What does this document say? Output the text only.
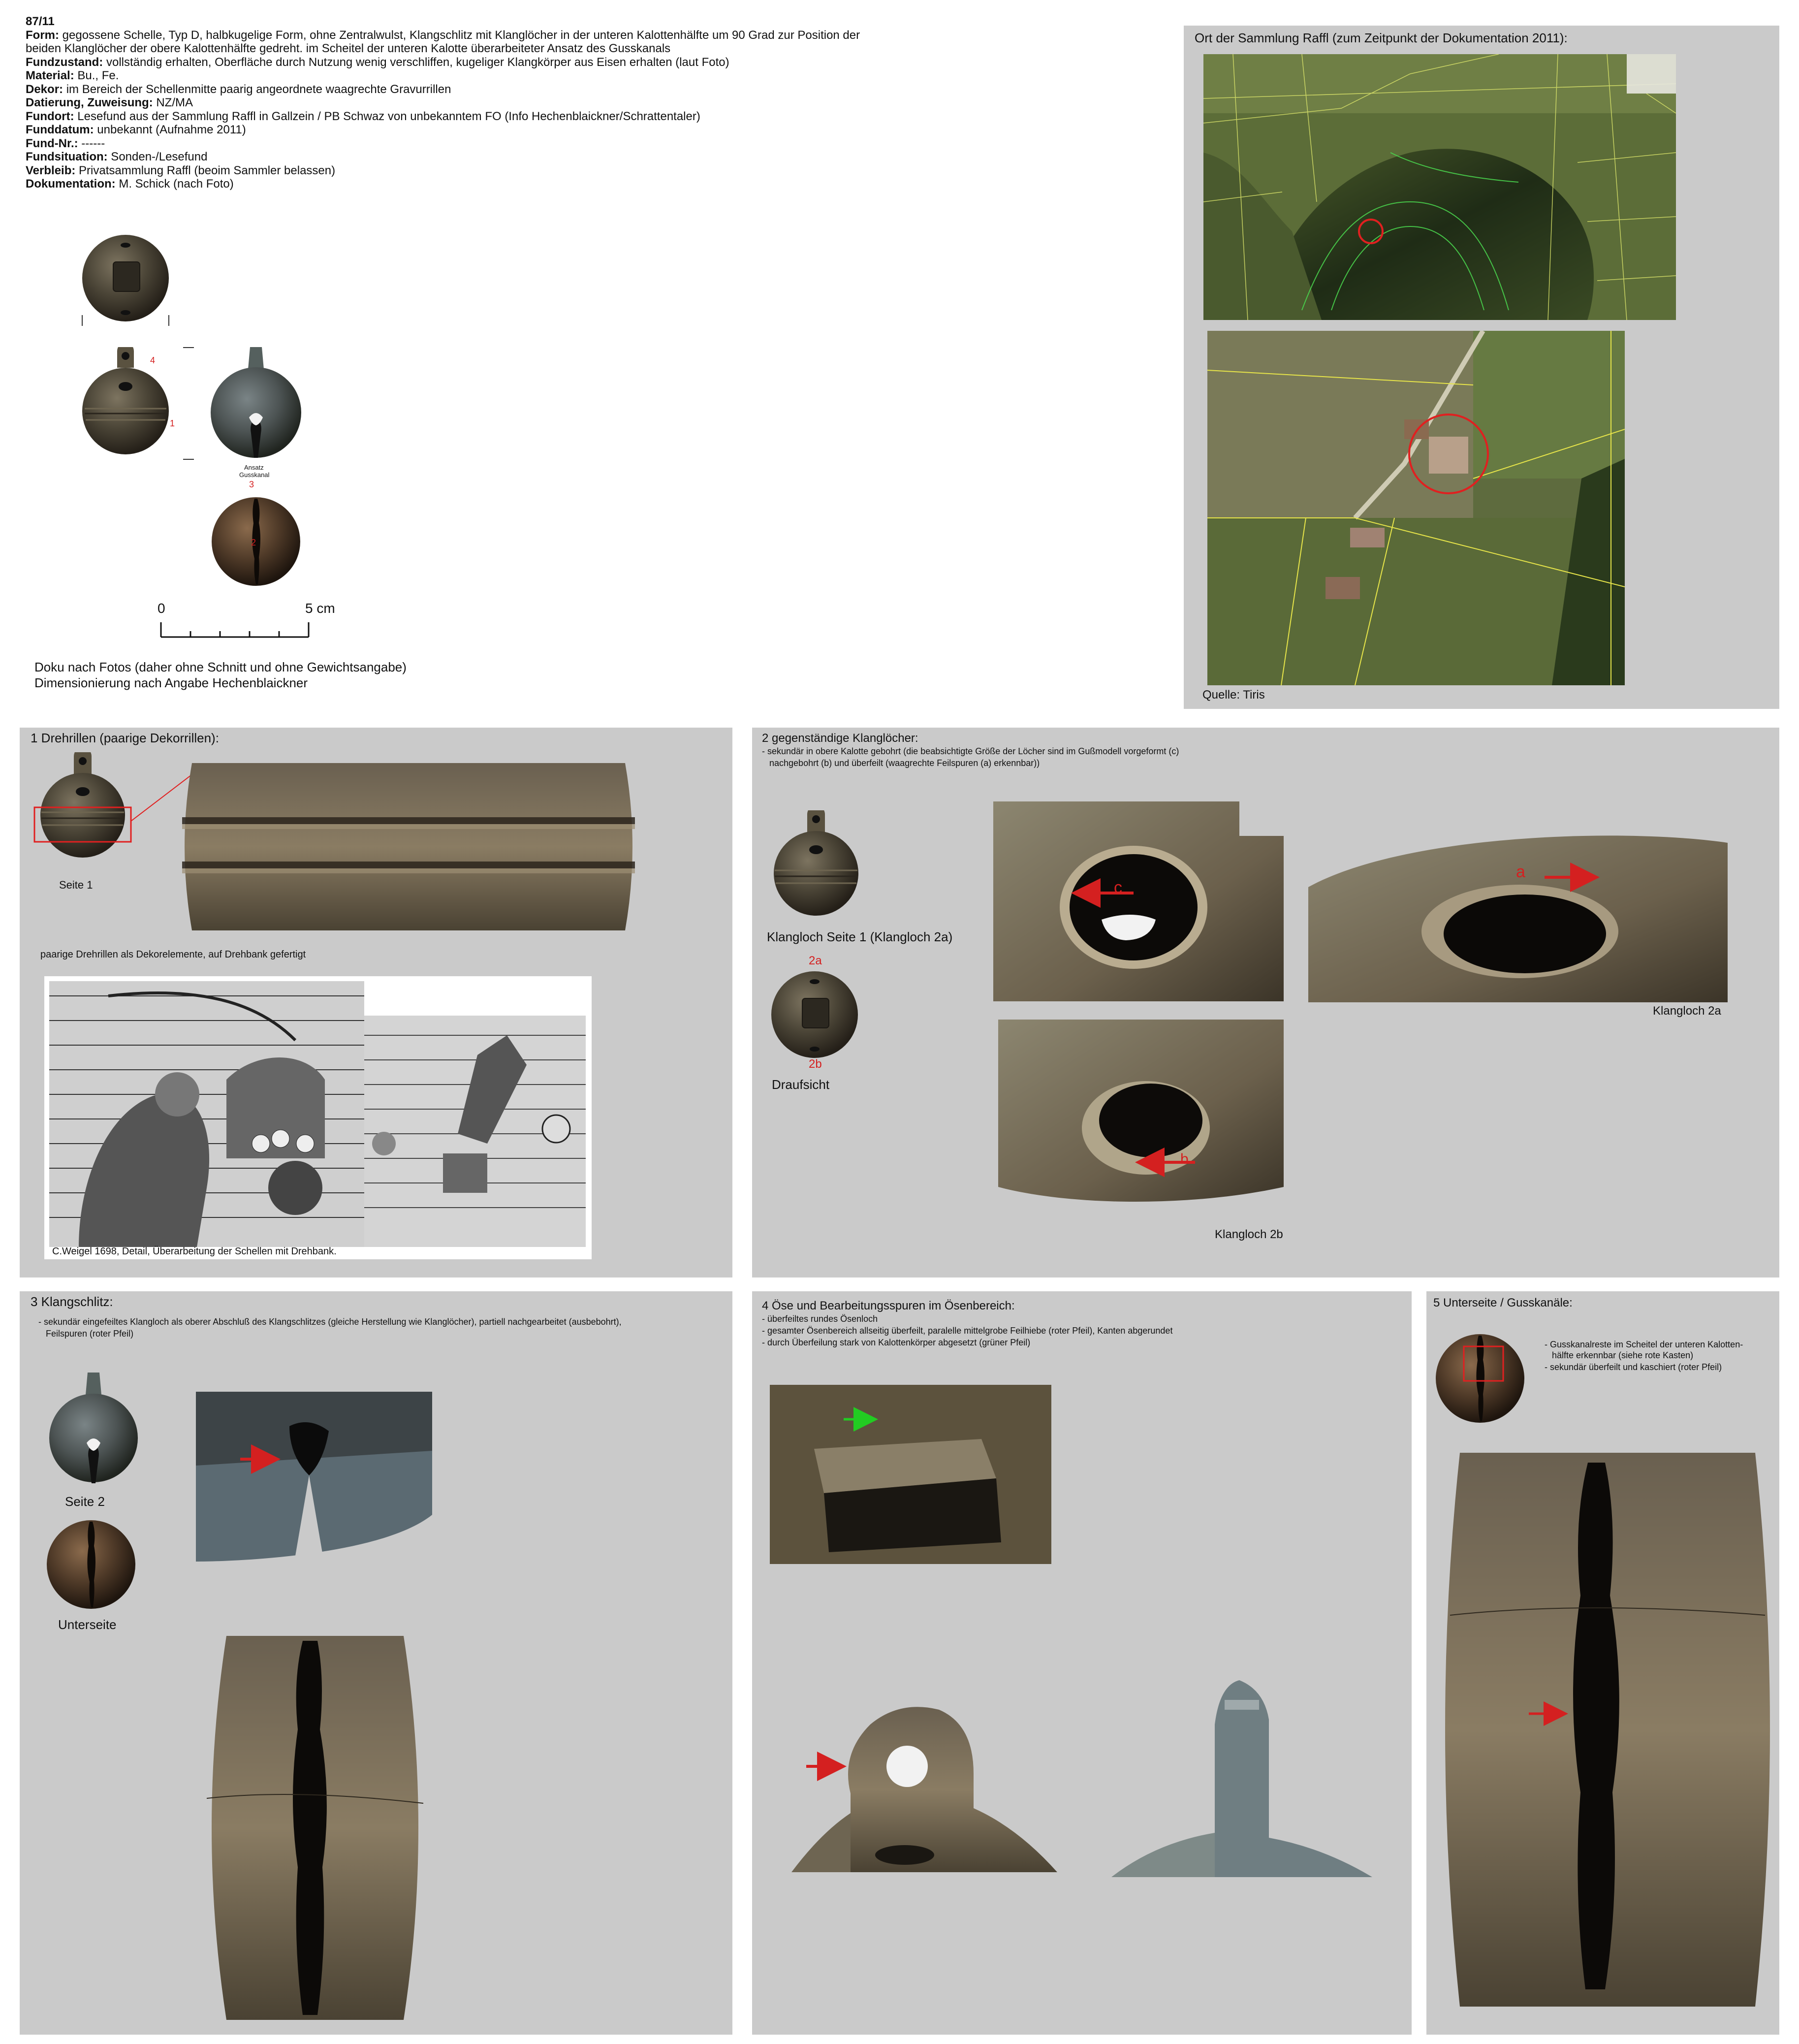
87/11
Form: gegossene Schelle, Typ D, halbkugelige Form, ohne Zentralwulst, Klangschlitz mit Klanglöcher in der unteren Kalottenhälfte um 90 Grad zur Position der
beiden Klanglöcher der obere Kalottenhälfte gedreht. im Scheitel der unteren Kalotte überarbeiteter Ansatz des Gusskanals
Fundzustand: vollständig erhalten, Oberfläche durch Nutzung wenig verschliffen, kugeliger Klangkörper aus Eisen erhalten (laut Foto)
Material: Bu., Fe.
Dekor: im Bereich der Schellenmitte paarig angeordnete waagrechte Gravurrillen
Datierung, Zuweisung: NZ/MA
Fundort: Lesefund aus der Sammlung Raffl in Gallzein / PB Schwaz von unbekanntem FO (Info Hechenblaickner/Schrattentaler)
Funddatum: unbekannt (Aufnahme 2011)
Fund-Nr.: ------
Fundsituation: Sonden-/Lesefund
Verbleib: Privatsammlung Raffl (beoim Sammler belassen)
Dokumentation: M. Schick (nach Foto)
4
1
Ansatz
Gusskanal
3
2
0	5 cm
Doku nach Fotos (daher ohne Schnitt und ohne Gewichtsangabe)
Dimensionierung nach Angabe Hechenblaickner
Ort der Sammlung Raffl (zum Zeitpunkt der Dokumentation 2011):
Quelle: Tiris
1 Drehrillen (paarige Dekorrillen):
Seite 1
paarige Drehrillen als Dekorelemente, auf Drehbank gefertigt
C.Weigel 1698, Detail, Überarbeitung der Schellen mit Drehbank.
2 gegenständige Klanglöcher:
- sekundär in obere Kalotte gebohrt (die beabsichtigte Größe der Löcher sind im Gußmodell vorgeformt (c)
nachgebohrt (b) und überfeilt (waagrechte Feilspuren (a) erkennbar))
Klangloch Seite 1 (Klangloch 2a)
2a
2b
Draufsicht
c
a
Klangloch 2a
b
Klangloch 2b
3 Klangschlitz:
- sekundär eingefeiltes Klangloch als oberer Abschluß des Klangschlitzes (gleiche Herstellung wie Klanglöcher), partiell nachgearbeitet (ausbebohrt),
Feilspuren (roter Pfeil)
Seite 2
Unterseite
4 Öse und Bearbeitungsspuren im Ösenbereich:
- überfeiltes rundes Ösenloch
- gesamter Ösenbereich allseitig überfeilt, paralelle mittelgrobe Feilhiebe (roter Pfeil), Kanten abgerundet
- durch Überfeilung stark von Kalottenkörper abgesetzt (grüner Pfeil)
5 Unterseite / Gusskanäle:
- Gusskanalreste im Scheitel der unteren Kalotten-
hälfte erkennbar (siehe rote Kasten)
- sekundär überfeilt und kaschiert (roter Pfeil)
